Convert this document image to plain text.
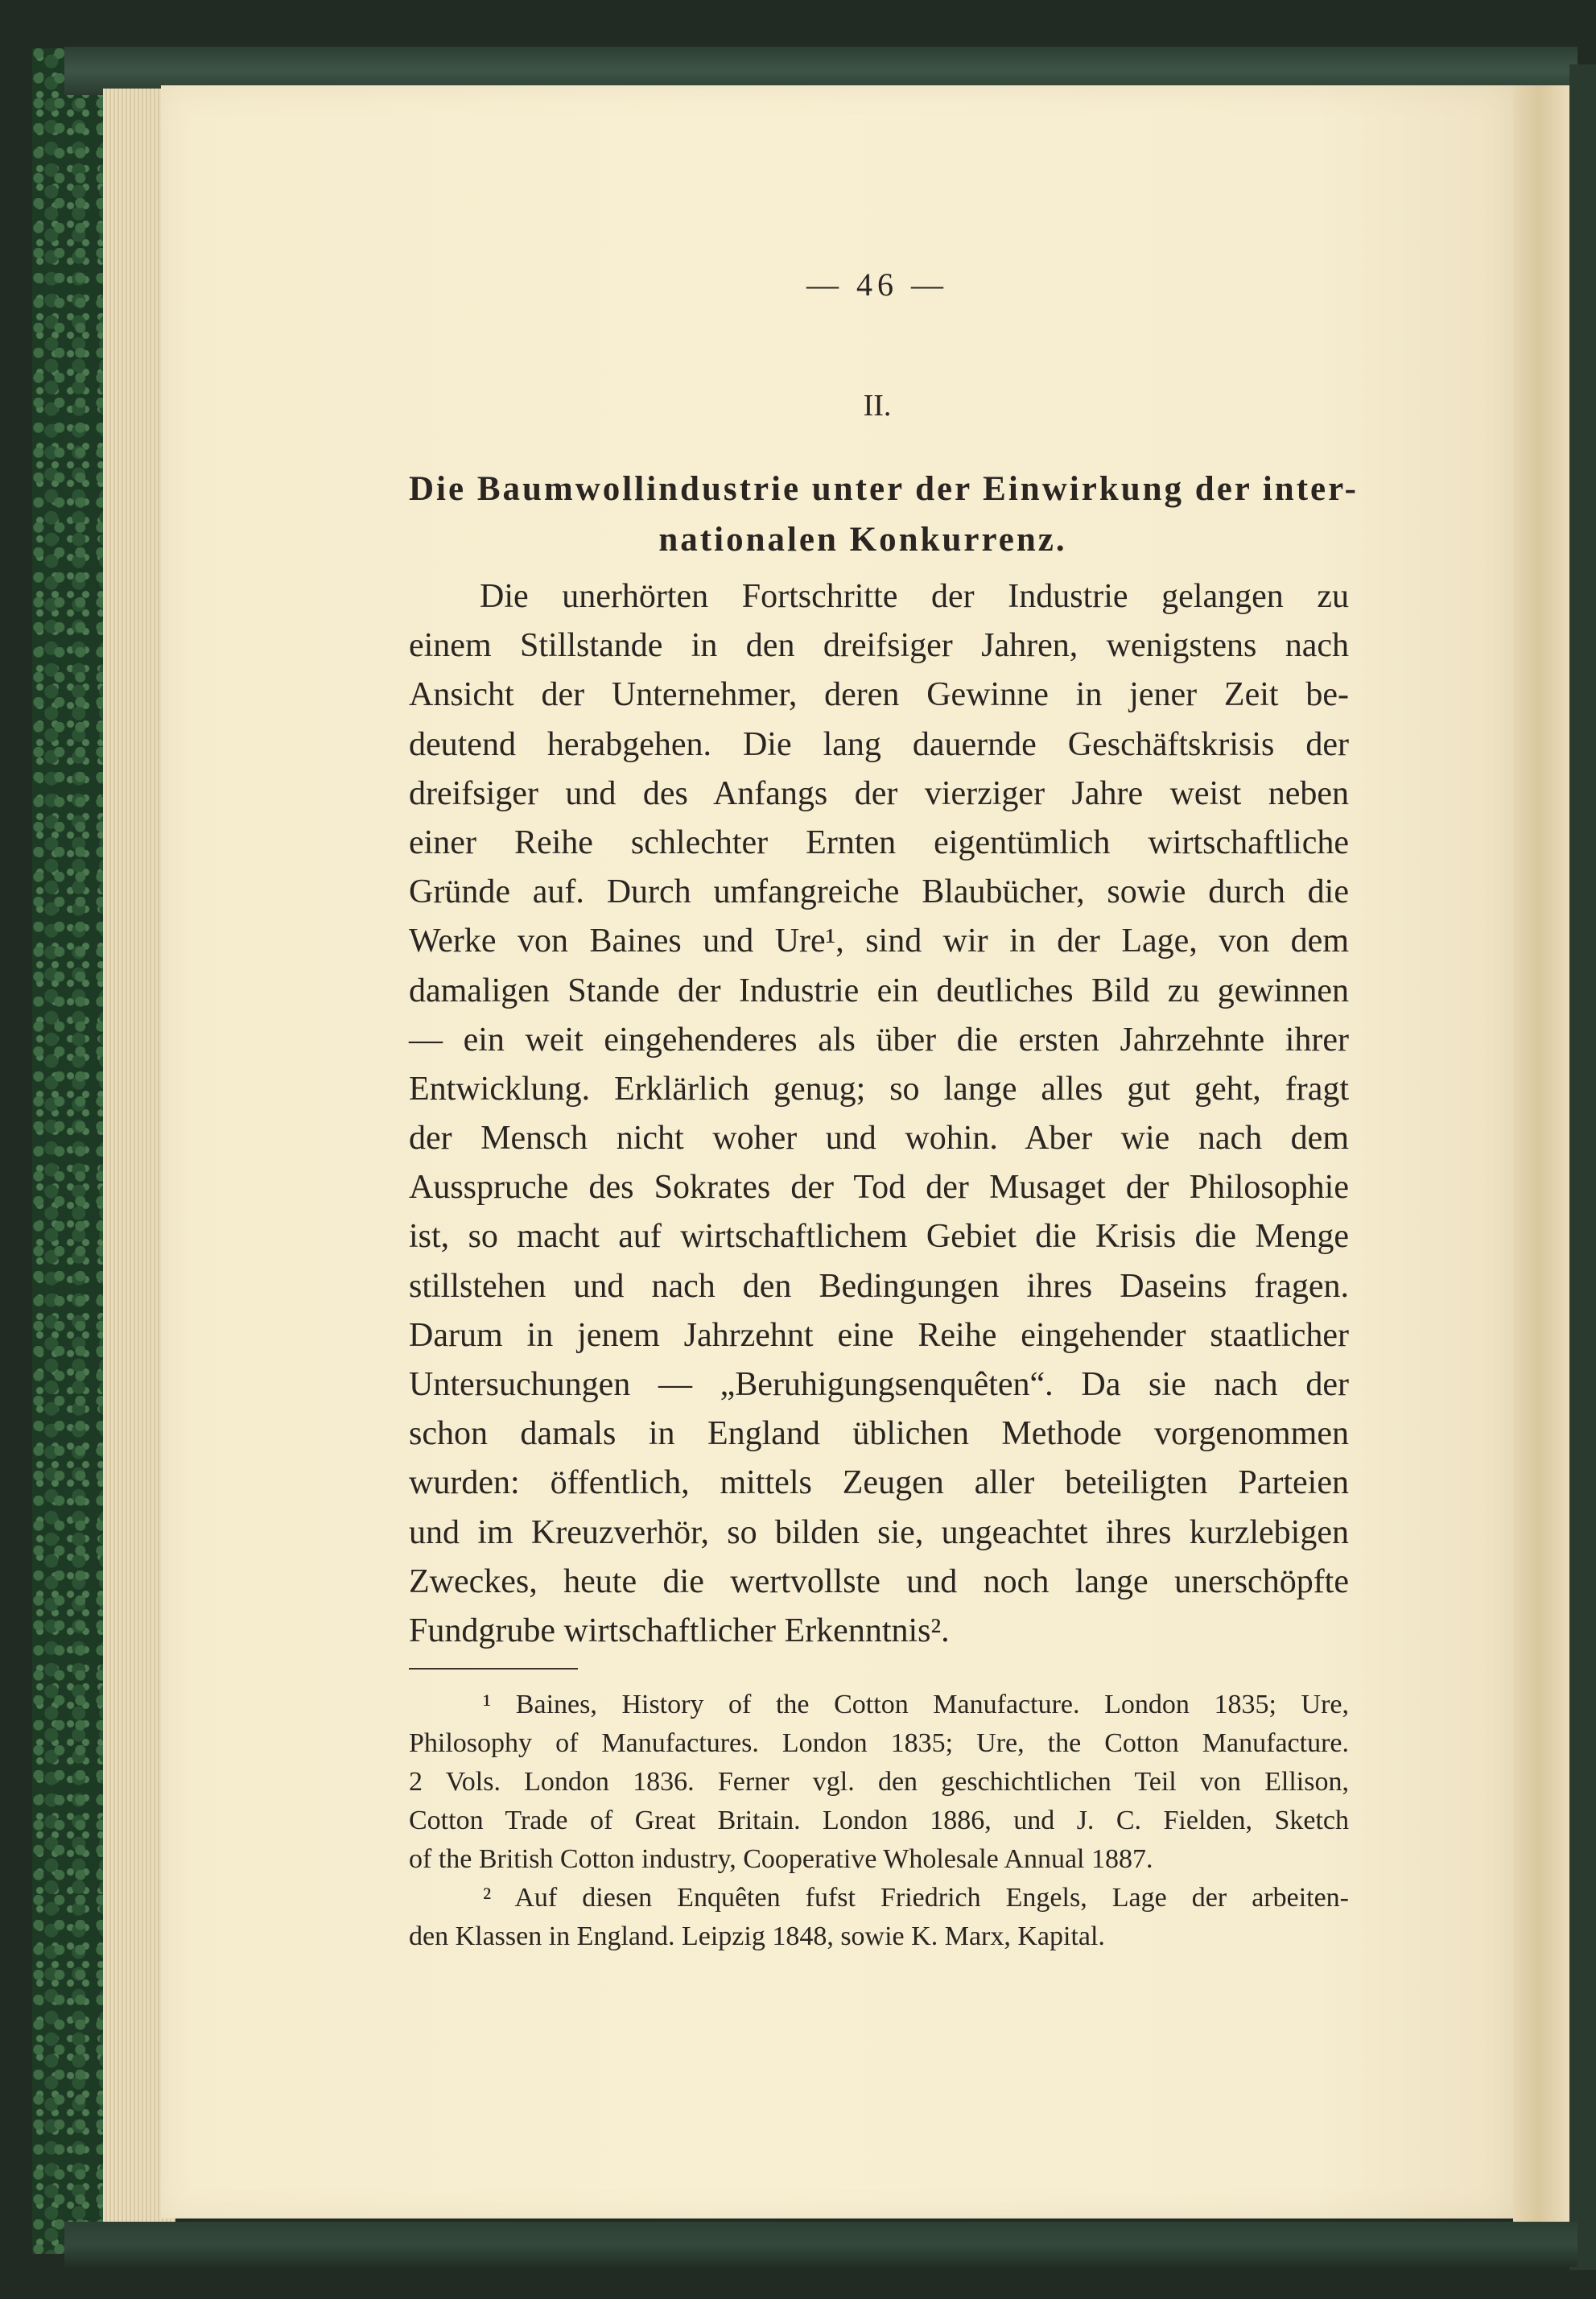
— 46 —
II.
Die Baumwollindustrie unter der Einwirkung der inter-
nationalen Konkurrenz.
Die unerhörten Fortschritte der Industrie gelangen zu
einem Stillstande in den dreifsiger Jahren, wenigstens nach
Ansicht der Unternehmer, deren Gewinne in jener Zeit be-
deutend herabgehen. Die lang dauernde Geschäftskrisis der
dreifsiger und des Anfangs der vierziger Jahre weist neben
einer Reihe schlechter Ernten eigentümlich wirtschaftliche
Gründe auf. Durch umfangreiche Blaubücher, sowie durch die
Werke von Baines und Ure¹, sind wir in der Lage, von dem
damaligen Stande der Industrie ein deutliches Bild zu gewinnen
— ein weit eingehenderes als über die ersten Jahrzehnte ihrer
Entwicklung. Erklärlich genug; so lange alles gut geht, fragt
der Mensch nicht woher und wohin. Aber wie nach dem
Ausspruche des Sokrates der Tod der Musaget der Philosophie
ist, so macht auf wirtschaftlichem Gebiet die Krisis die Menge
stillstehen und nach den Bedingungen ihres Daseins fragen.
Darum in jenem Jahrzehnt eine Reihe eingehender staatlicher
Untersuchungen — „Beruhigungsenquêten“. Da sie nach der
schon damals in England üblichen Methode vorgenommen
wurden: öffentlich, mittels Zeugen aller beteiligten Parteien
und im Kreuzverhör, so bilden sie, ungeachtet ihres kurzlebigen
Zweckes, heute die wertvollste und noch lange unerschöpfte
Fundgrube wirtschaftlicher Erkenntnis².
¹ Baines, History of the Cotton Manufacture. London 1835; Ure,
Philosophy of Manufactures. London 1835; Ure, the Cotton Manufacture.
2 Vols. London 1836. Ferner vgl. den geschichtlichen Teil von Ellison,
Cotton Trade of Great Britain. London 1886, und J. C. Fielden, Sketch
of the British Cotton industry, Cooperative Wholesale Annual 1887.
² Auf diesen Enquêten fufst Friedrich Engels, Lage der arbeiten-
den Klassen in England. Leipzig 1848, sowie K. Marx, Kapital.
